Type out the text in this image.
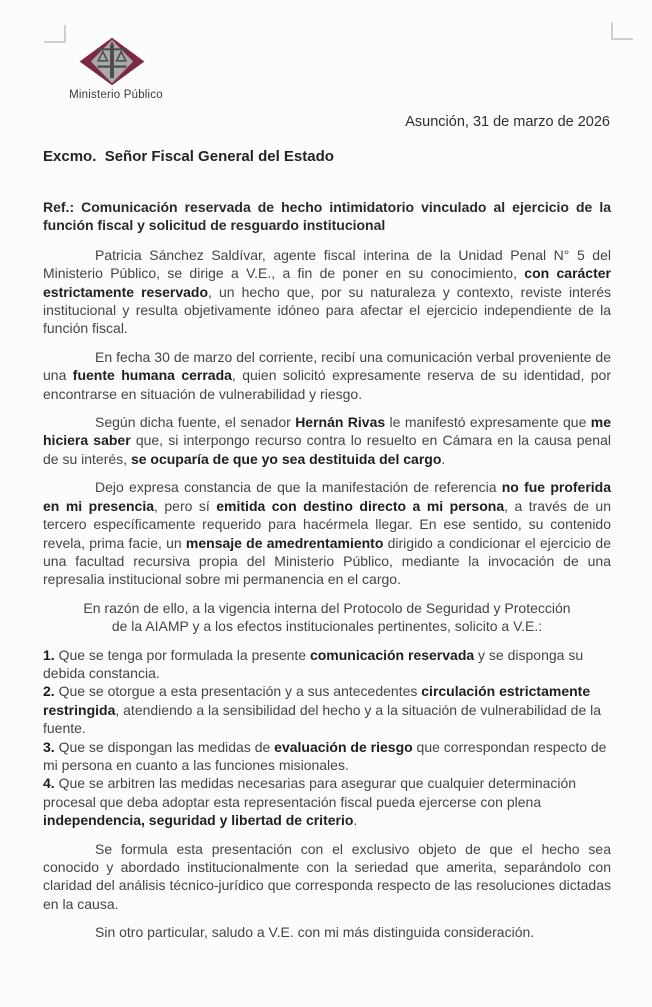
Ministerio Público
Asunción, 31 de marzo de 2026
Excmo.  Señor Fiscal General del Estado

Ref.: Comunicación reservada de hecho intimidatorio vinculado al ejercicio de la función fiscal y solicitud de resguardo institucional

Patricia Sánchez Saldívar, agente fiscal interina de la Unidad Penal N° 5 del Ministerio Público, se dirige a V.E., a fin de poner en su conocimiento, con carácter estrictamente reservado, un hecho que, por su naturaleza y contexto, reviste interés institucional y resulta objetivamente idóneo para afectar el ejercicio independiente de la función fiscal.

En fecha 30 de marzo del corriente, recibí una comunicación verbal proveniente de una fuente humana cerrada, quien solicitó expresamente reserva de su identidad, por encontrarse en situación de vulnerabilidad y riesgo.

Según dicha fuente, el senador Hernán Rivas le manifestó expresamente que me hiciera saber que, si interpongo recurso contra lo resuelto en Cámara en la causa penal de su interés, se ocuparía de que yo sea destituida del cargo.

Dejo expresa constancia de que la manifestación de referencia no fue proferida en mi presencia, pero sí emitida con destino directo a mi persona, a través de un tercero específicamente requerido para hacérmela llegar. En ese sentido, su contenido revela, prima facie, un mensaje de amedrentamiento dirigido a condicionar el ejercicio de una facultad recursiva propia del Ministerio Público, mediante la invocación de una represalia institucional sobre mi permanencia en el cargo.

En razón de ello, a la vigencia interna del Protocolo de Seguridad y Protección de la AIAMP y a los efectos institucionales pertinentes, solicito a V.E.:

1. Que se tenga por formulada la presente comunicación reservada y se disponga su debida constancia.

2. Que se otorgue a esta presentación y a sus antecedentes circulación estrictamente restringida, atendiendo a la sensibilidad del hecho y a la situación de vulnerabilidad de la fuente.

3. Que se dispongan las medidas de evaluación de riesgo que correspondan respecto de mi persona en cuanto a las funciones misionales.

4. Que se arbitren las medidas necesarias para asegurar que cualquier determinación procesal que deba adoptar esta representación fiscal pueda ejercerse con plena independencia, seguridad y libertad de criterio.

Se formula esta presentación con el exclusivo objeto de que el hecho sea conocido y abordado institucionalmente con la seriedad que amerita, separándolo con claridad del análisis técnico-jurídico que corresponda respecto de las resoluciones dictadas en la causa.

Sin otro particular, saludo a V.E. con mi más distinguida consideración.
